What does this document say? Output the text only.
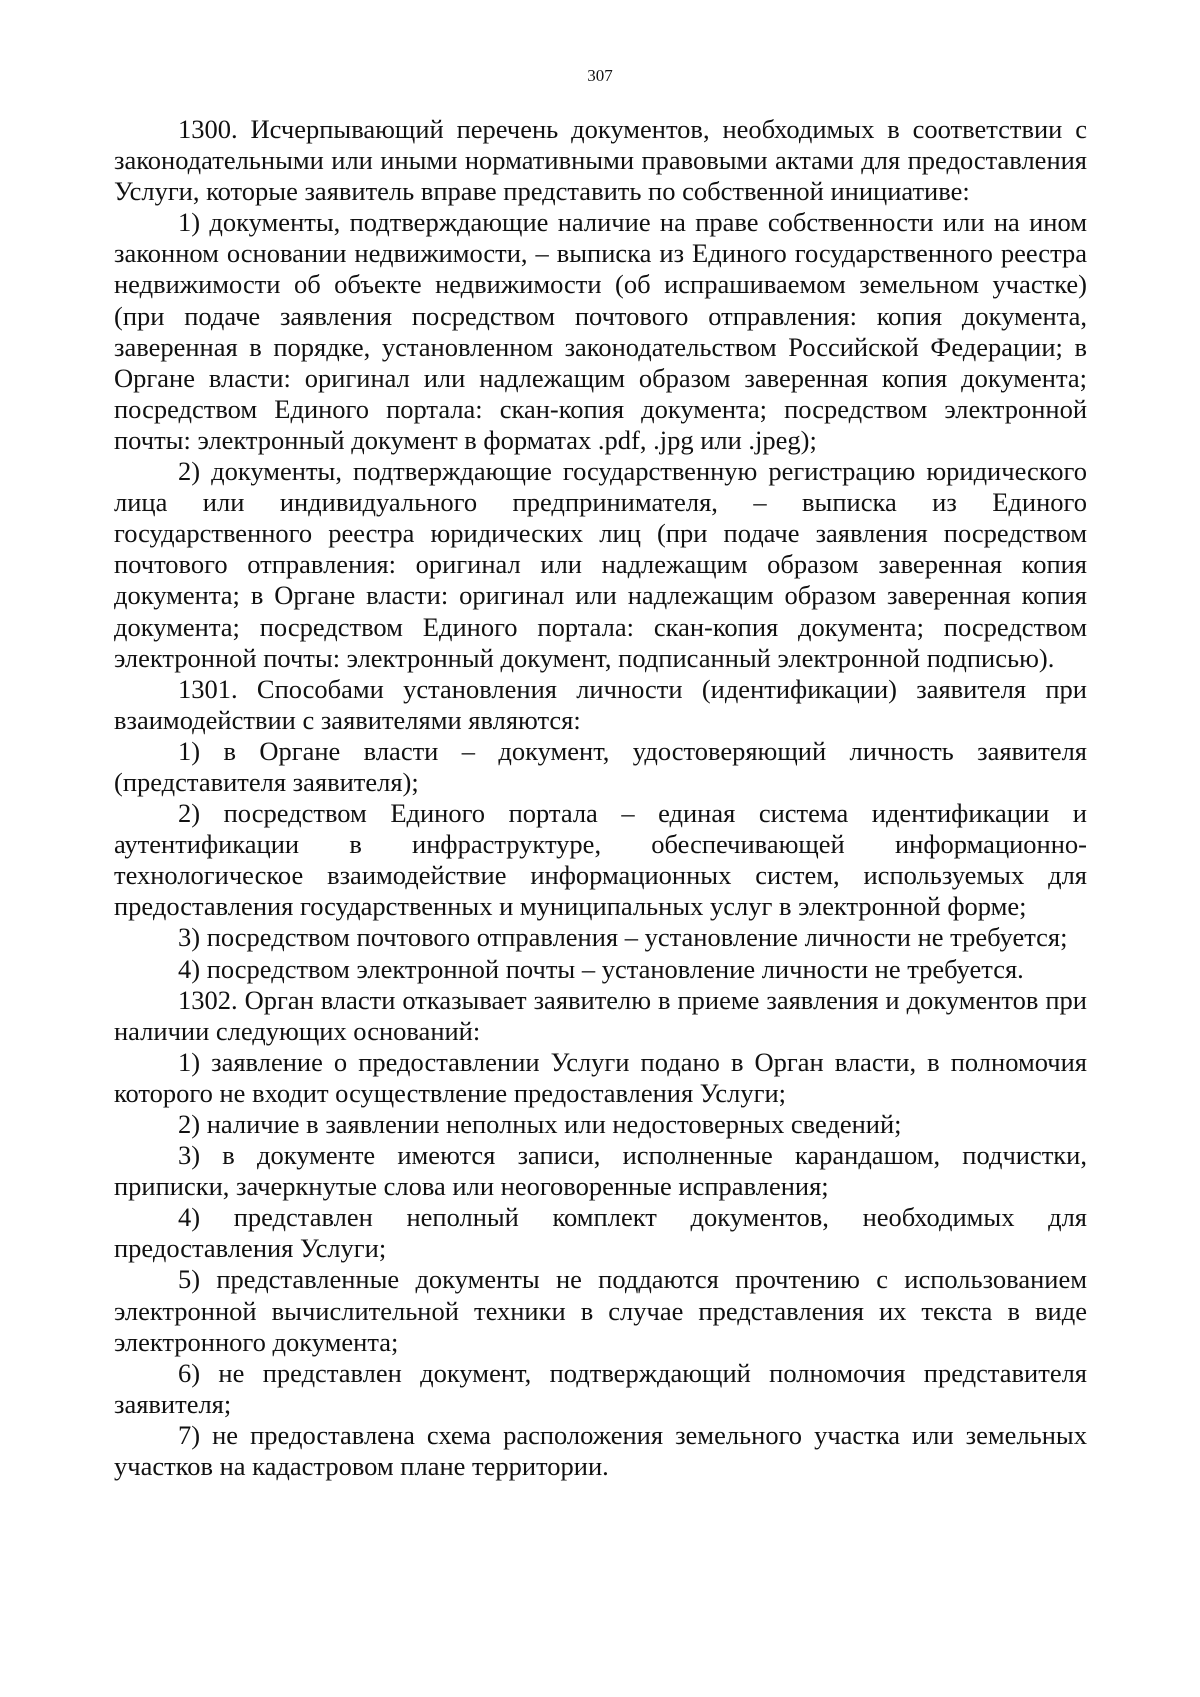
307

1300. Исчерпывающий перечень документов, необходимых в соответствии с законодательными или иными нормативными правовыми актами для предоставления Услуги, которые заявитель вправе представить по собственной инициативе:

1) документы, подтверждающие наличие на праве собственности или на ином законном основании недвижимости, – выписка из Единого государственного реестра недвижимости об объекте недвижимости (об испрашиваемом земельном участке) (при подаче заявления посредством почтового отправления: копия документа, заверенная в порядке, установленном законодательством Российской Федерации; в Органе власти: оригинал или надлежащим образом заверенная копия документа; посредством Единого портала: скан-копия документа; посредством электронной почты: электронный документ в форматах .pdf, .jpg или .jpeg);

2) документы, подтверждающие государственную регистрацию юридического лица или индивидуального предпринимателя, – выписка из Единого государственного реестра юридических лиц (при подаче заявления посредством почтового отправления: оригинал или надлежащим образом заверенная копия документа; в Органе власти: оригинал или надлежащим образом заверенная копия документа; посредством Единого портала: скан-копия документа; посредством электронной почты: электронный документ, подписанный электронной подписью).

1301. Способами установления личности (идентификации) заявителя при взаимодействии с заявителями являются:

1) в Органе власти – документ, удостоверяющий личность заявителя (представителя заявителя);

2) посредством Единого портала – единая система идентификации и аутентификации в инфраструктуре, обеспечивающей информационно-технологическое взаимодействие информационных систем, используемых для предоставления государственных и муниципальных услуг в электронной форме;

3) посредством почтового отправления – установление личности не требуется;

4) посредством электронной почты – установление личности не требуется.

1302. Орган власти отказывает заявителю в приеме заявления и документов при наличии следующих оснований:

1) заявление о предоставлении Услуги подано в Орган власти, в полномочия которого не входит осуществление предоставления Услуги;

2) наличие в заявлении неполных или недостоверных сведений;

3) в документе имеются записи, исполненные карандашом, подчистки, приписки, зачеркнутые слова или неоговоренные исправления;

4) представлен неполный комплект документов, необходимых для предоставления Услуги;

5) представленные документы не поддаются прочтению с использованием электронной вычислительной техники в случае представления их текста в виде электронного документа;

6) не представлен документ, подтверждающий полномочия представителя заявителя;

7) не предоставлена схема расположения земельного участка или земельных участков на кадастровом плане территории.
